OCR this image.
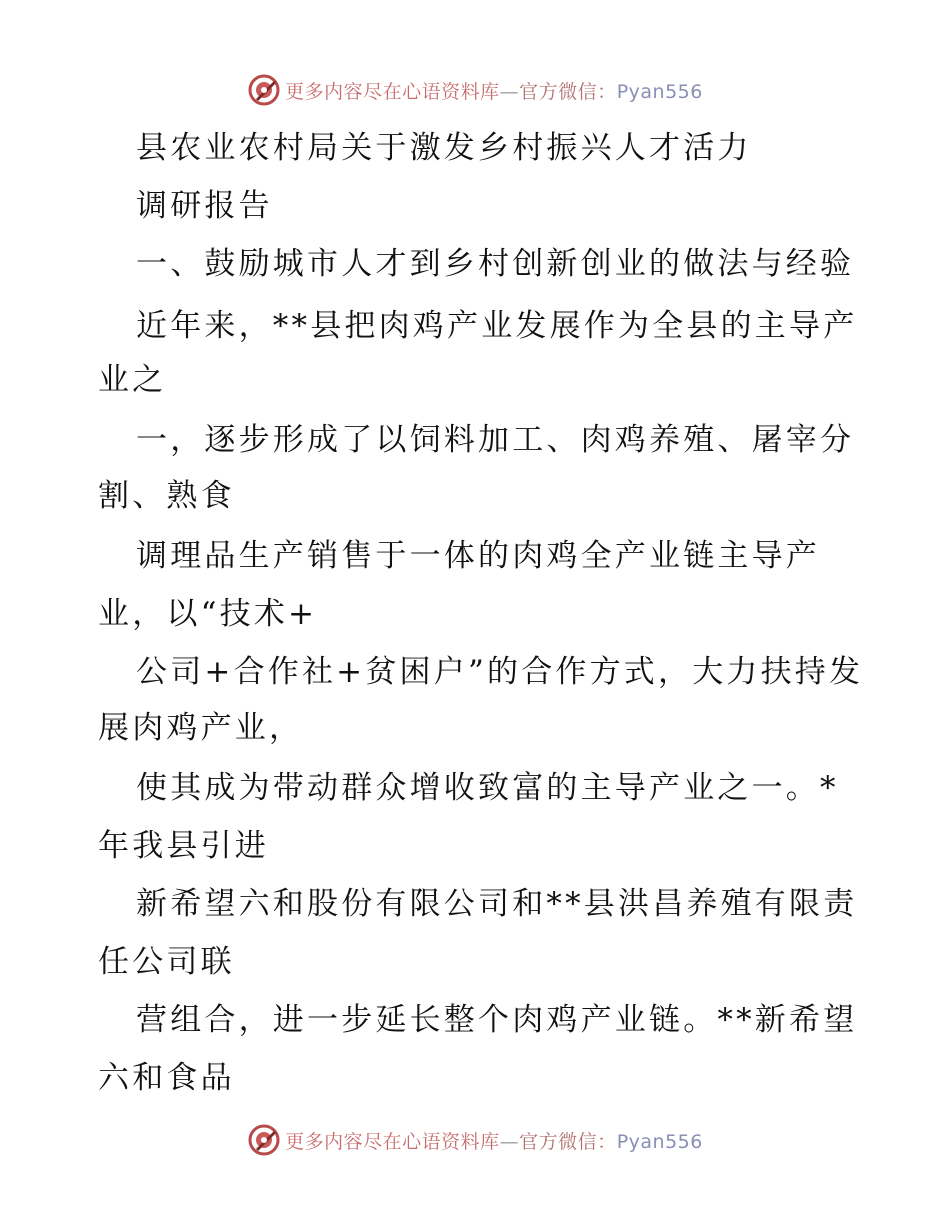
更多内容尽在心语资料库—官方微信：Pyan556
县农业农村局关于激发乡村振兴人才活力
调研报告
一、鼓励城市人才到乡村创新创业的做法与经验
近年来，**县把肉鸡产业发展作为全县的主导产
业之
一，逐步形成了以饲料加工、肉鸡养殖、屠宰分
割、熟食
调理品生产销售于一体的肉鸡全产业链主导产
业，以“技术+
公司+合作社+贫困户”的合作方式，大力扶持发
展肉鸡产业，
使其成为带动群众增收致富的主导产业之一。*
年我县引进
新希望六和股份有限公司和**县洪昌养殖有限责
任公司联
营组合，进一步延长整个肉鸡产业链。**新希望
六和食品
更多内容尽在心语资料库—官方微信：Pyan556
